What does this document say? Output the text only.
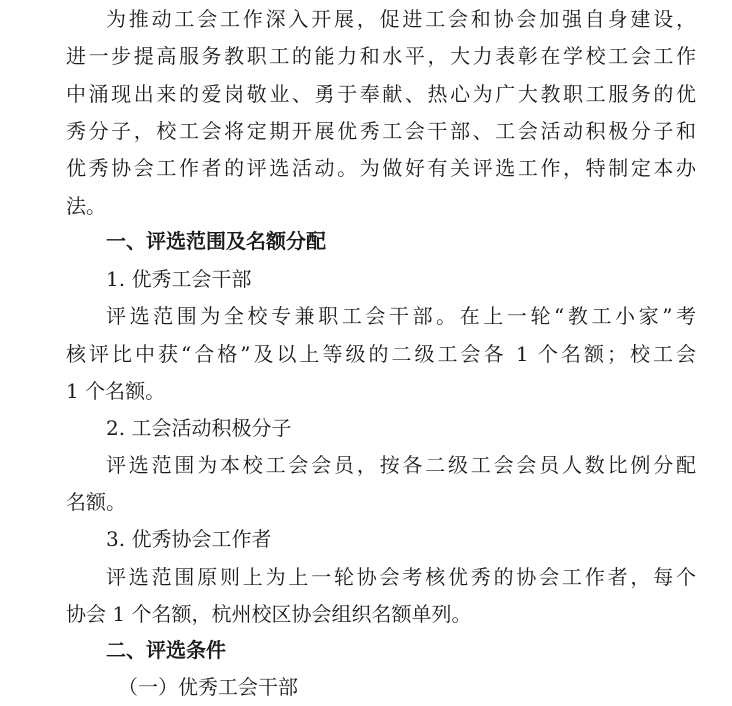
为推动工会工作深入开展，促进工会和协会加强自身建设，
进一步提高服务教职工的能力和水平，大力表彰在学校工会工作
中涌现出来的爱岗敬业、勇于奉献、热心为广大教职工服务的优
秀分子，校工会将定期开展优秀工会干部、工会活动积极分子和
优秀协会工作者的评选活动。为做好有关评选工作，特制定本办
法。
一、评选范围及名额分配
1. 优秀工会干部
评选范围为全校专兼职工会干部。在上一轮“教工小家”考
核评比中获“合格”及以上等级的二级工会各 1 个名额；校工会
1 个名额。
2. 工会活动积极分子
评选范围为本校工会会员，按各二级工会会员人数比例分配
名额。
3. 优秀协会工作者
评选范围原则上为上一轮协会考核优秀的协会工作者，每个
协会 1 个名额，杭州校区协会组织名额单列。
二、评选条件
（一）优秀工会干部
